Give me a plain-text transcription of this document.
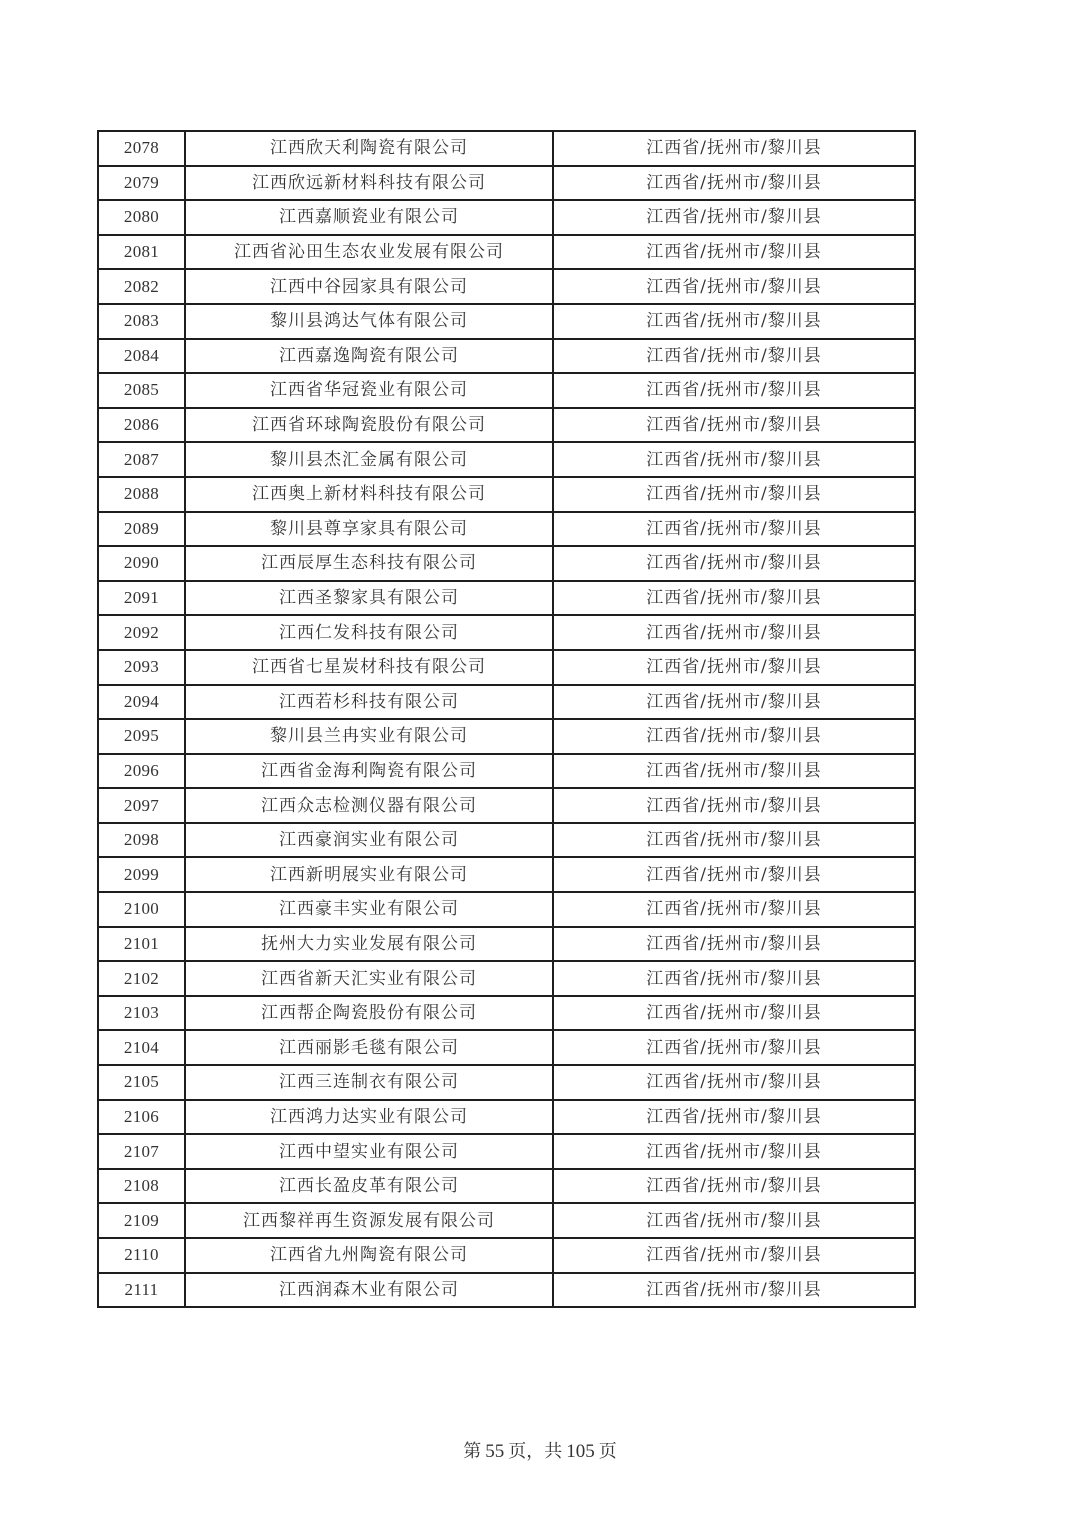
2078	江西欣天利陶瓷有限公司	江西省/抚州市/黎川县
2079	江西欣远新材料科技有限公司	江西省/抚州市/黎川县
2080	江西嘉顺瓷业有限公司	江西省/抚州市/黎川县
2081	江西省沁田生态农业发展有限公司	江西省/抚州市/黎川县
2082	江西中谷园家具有限公司	江西省/抚州市/黎川县
2083	黎川县鸿达气体有限公司	江西省/抚州市/黎川县
2084	江西嘉逸陶瓷有限公司	江西省/抚州市/黎川县
2085	江西省华冠瓷业有限公司	江西省/抚州市/黎川县
2086	江西省环球陶瓷股份有限公司	江西省/抚州市/黎川县
2087	黎川县杰汇金属有限公司	江西省/抚州市/黎川县
2088	江西奥上新材料科技有限公司	江西省/抚州市/黎川县
2089	黎川县尊享家具有限公司	江西省/抚州市/黎川县
2090	江西辰厚生态科技有限公司	江西省/抚州市/黎川县
2091	江西圣黎家具有限公司	江西省/抚州市/黎川县
2092	江西仁发科技有限公司	江西省/抚州市/黎川县
2093	江西省七星炭材科技有限公司	江西省/抚州市/黎川县
2094	江西若杉科技有限公司	江西省/抚州市/黎川县
2095	黎川县兰冉实业有限公司	江西省/抚州市/黎川县
2096	江西省金海利陶瓷有限公司	江西省/抚州市/黎川县
2097	江西众志检测仪器有限公司	江西省/抚州市/黎川县
2098	江西豪润实业有限公司	江西省/抚州市/黎川县
2099	江西新明展实业有限公司	江西省/抚州市/黎川县
2100	江西豪丰实业有限公司	江西省/抚州市/黎川县
2101	抚州大力实业发展有限公司	江西省/抚州市/黎川县
2102	江西省新天汇实业有限公司	江西省/抚州市/黎川县
2103	江西帮企陶瓷股份有限公司	江西省/抚州市/黎川县
2104	江西丽影毛毯有限公司	江西省/抚州市/黎川县
2105	江西三连制衣有限公司	江西省/抚州市/黎川县
2106	江西鸿力达实业有限公司	江西省/抚州市/黎川县
2107	江西中望实业有限公司	江西省/抚州市/黎川县
2108	江西长盈皮革有限公司	江西省/抚州市/黎川县
2109	江西黎祥再生资源发展有限公司	江西省/抚州市/黎川县
2110	江西省九州陶瓷有限公司	江西省/抚州市/黎川县
2111	江西润森木业有限公司	江西省/抚州市/黎川县
第 55 页，共 105 页
